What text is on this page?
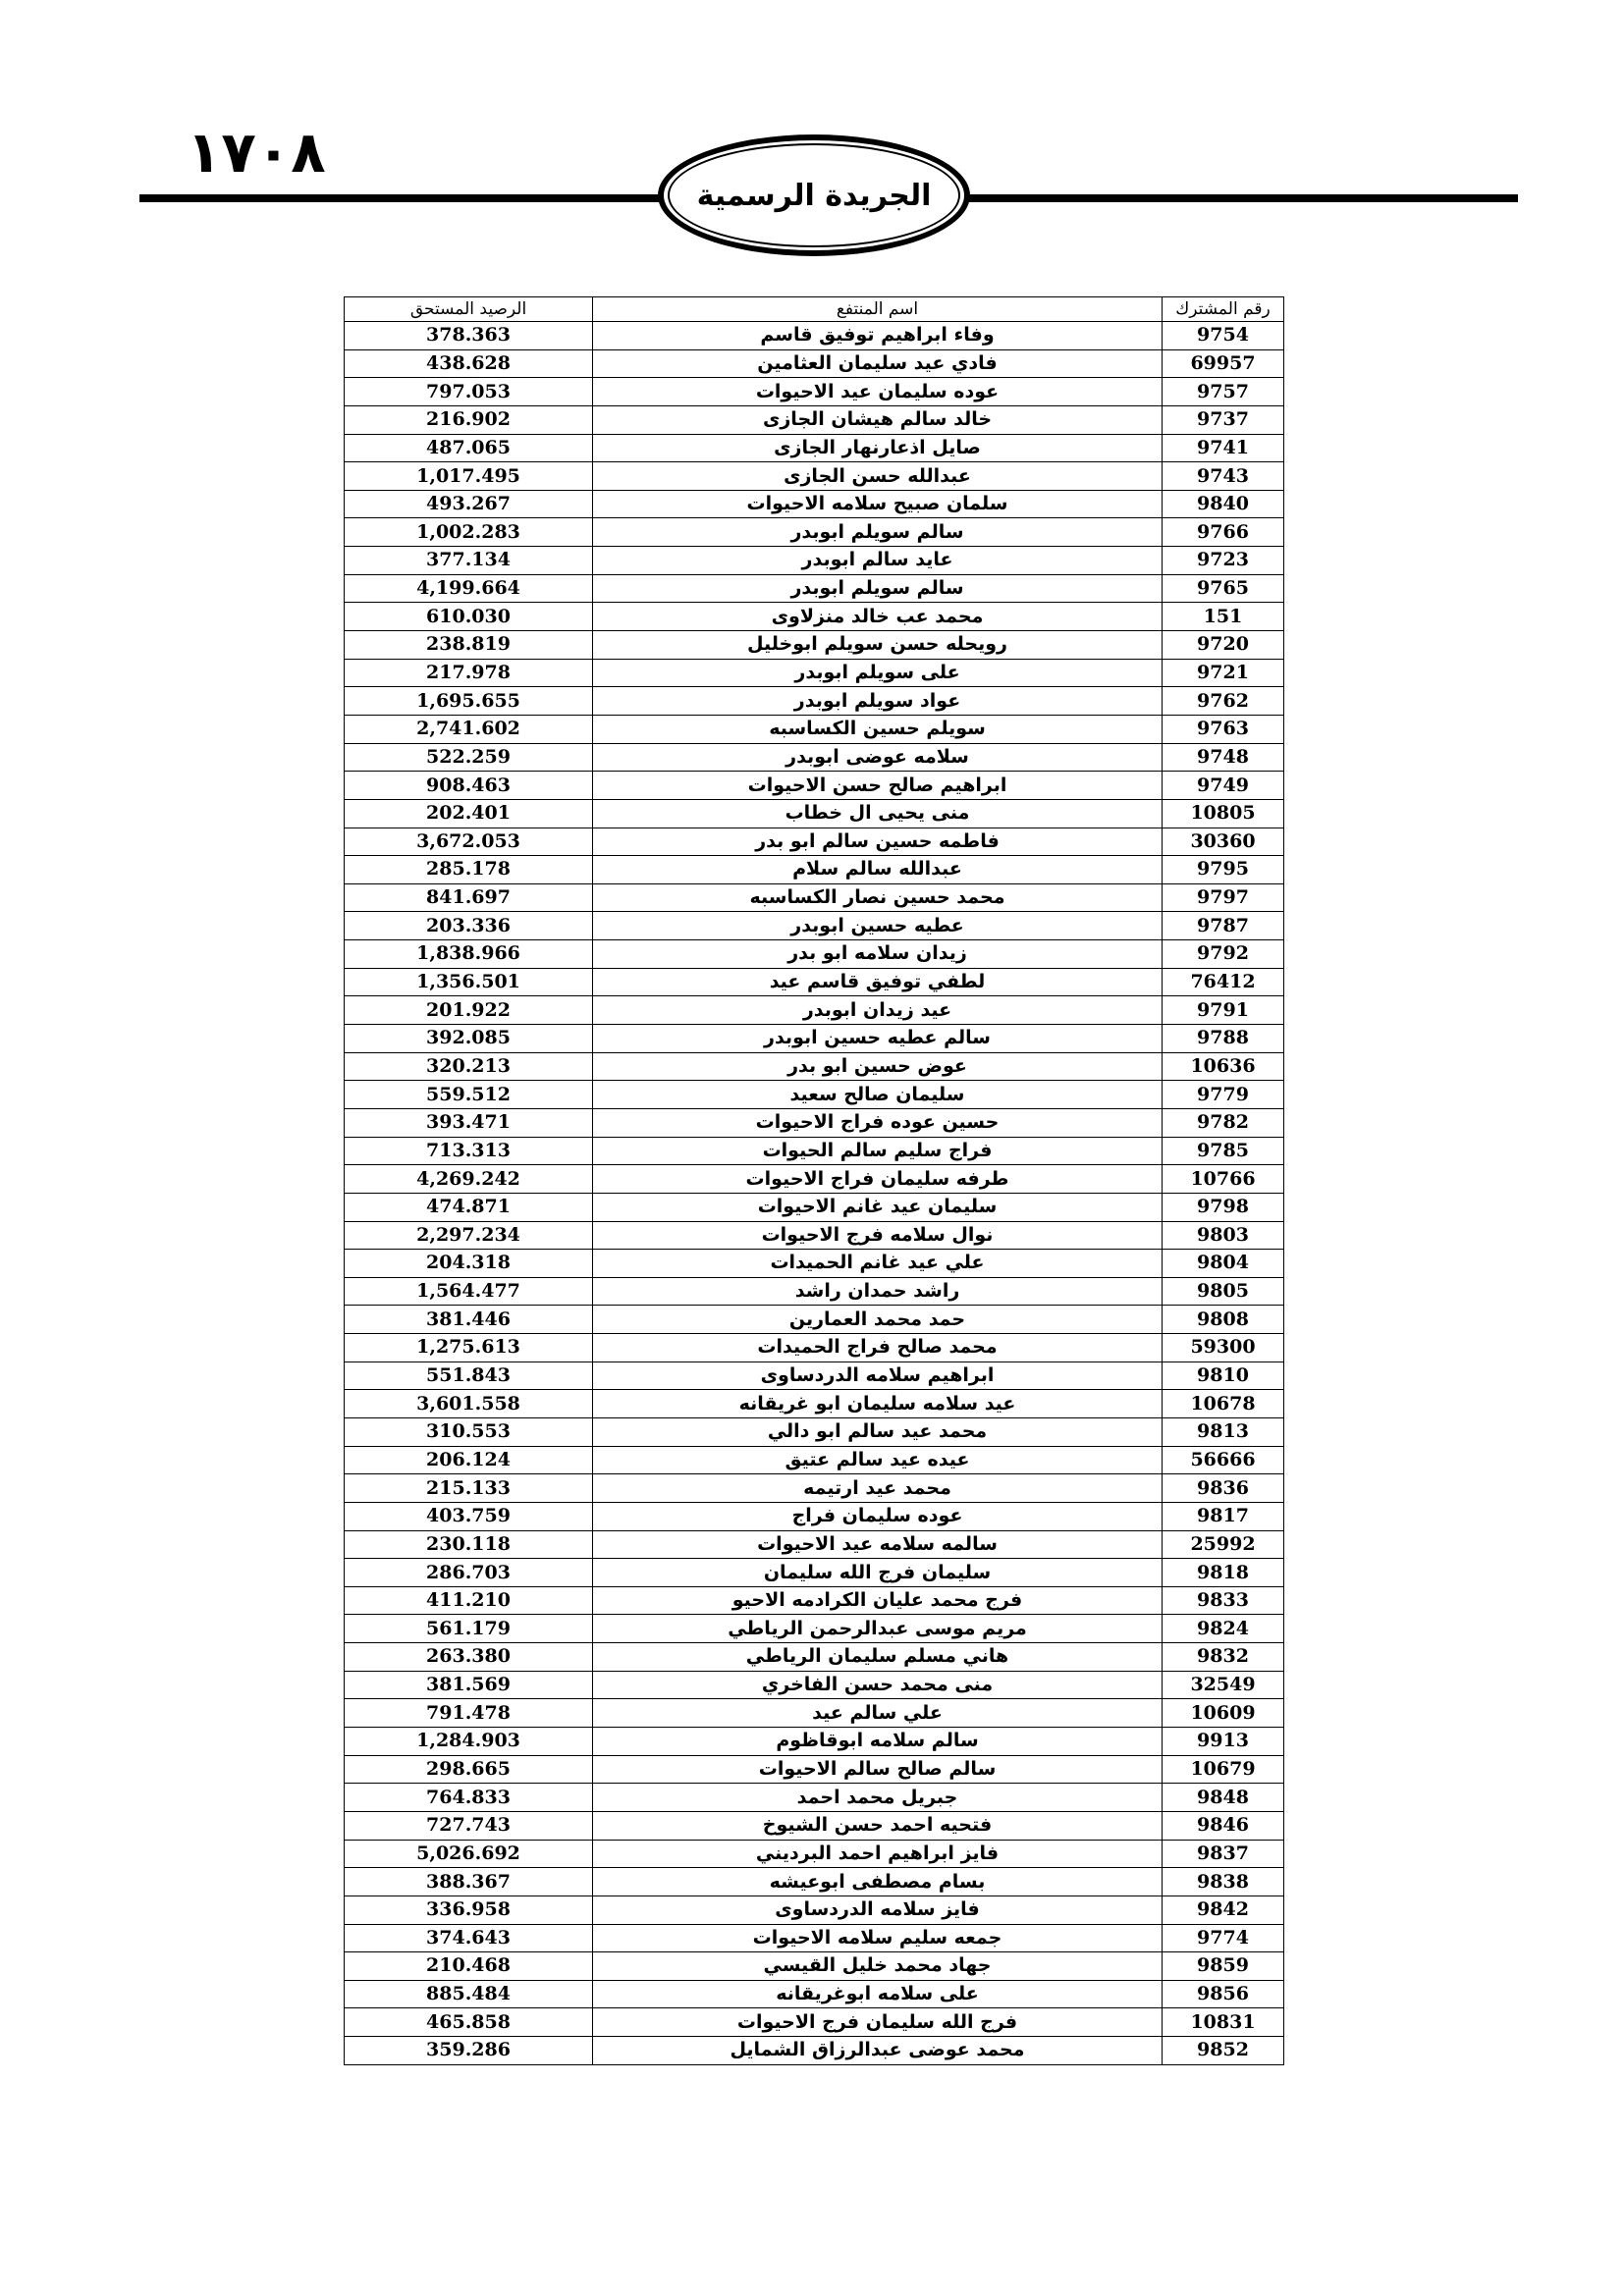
١٧٠٨
الجريدة الرسمية
رقم المشترك	اسم المنتفع	الرصيد المستحق
9754	وفاء ابراهيم توفيق قاسم	378.363
69957	فادي عيد سليمان العثامين	438.628
9757	عوده سليمان عيد الاحيوات	797.053
9737	خالد سالم هيشان الجازى	216.902
9741	صايل اذعارنهار الجازى	487.065
9743	عبدالله حسن الجازى	1,017.495
9840	سلمان صبيح سلامه الاحيوات	493.267
9766	سالم سويلم ابوبدر	1,002.283
9723	عايد سالم ابوبدر	377.134
9765	سالم سويلم ابوبدر	4,199.664
151	محمد عب خالد منزلاوى	610.030
9720	رويحله حسن سويلم ابوخليل	238.819
9721	على سويلم ابوبدر	217.978
9762	عواد سويلم ابوبدر	1,695.655
9763	سويلم حسين الكساسبه	2,741.602
9748	سلامه عوضى ابوبدر	522.259
9749	ابراهيم صالح حسن الاحيوات	908.463
10805	منى يحيى ال خطاب	202.401
30360	فاطمه حسين سالم ابو بدر	3,672.053
9795	عبدالله سالم سلام	285.178
9797	محمد حسين نصار الكساسبه	841.697
9787	عطيه حسين ابوبدر	203.336
9792	زيدان سلامه ابو بدر	1,838.966
76412	لطفي توفيق قاسم عيد	1,356.501
9791	عيد زيدان ابوبدر	201.922
9788	سالم عطيه حسين ابوبدر	392.085
10636	عوض حسين ابو بدر	320.213
9779	سليمان صالح سعيد	559.512
9782	حسين عوده فراج الاحيوات	393.471
9785	فراج سليم سالم الحيوات	713.313
10766	طرفه سليمان فراج الاحيوات	4,269.242
9798	سليمان عيد غانم الاحيوات	474.871
9803	نوال سلامه فرج الاحيوات	2,297.234
9804	علي عيد غانم الحميدات	204.318
9805	راشد حمدان راشد	1,564.477
9808	حمد محمد العمارين	381.446
59300	محمد صالح فراج الحميدات	1,275.613
9810	ابراهيم سلامه الدردساوى	551.843
10678	عيد سلامه سليمان ابو غريقانه	3,601.558
9813	محمد عيد سالم ابو دالي	310.553
56666	عيده عيد سالم عتيق	206.124
9836	محمد عيد ارتيمه	215.133
9817	عوده سليمان فراج	403.759
25992	سالمه سلامه عيد الاحيوات	230.118
9818	سليمان فرج الله سليمان	286.703
9833	فرج محمد عليان الكرادمه الاحيو	411.210
9824	مريم موسى عبدالرحمن الرياطي	561.179
9832	هاني مسلم سليمان الرياطي	263.380
32549	منى محمد حسن الفاخري	381.569
10609	علي سالم عيد	791.478
9913	سالم سلامه ابوقاظوم	1,284.903
10679	سالم صالح سالم الاحيوات	298.665
9848	جبريل محمد احمد	764.833
9846	فتحيه احمد حسن الشيوخ	727.743
9837	فايز ابراهيم احمد البرديني	5,026.692
9838	بسام مصطفى ابوعيشه	388.367
9842	فايز سلامه الدردساوى	336.958
9774	جمعه سليم سلامه الاحيوات	374.643
9859	جهاد محمد خليل القيسي	210.468
9856	على سلامه ابوغريقانه	885.484
10831	فرج الله سليمان فرج الاحيوات	465.858
9852	محمد عوضى عبدالرزاق الشمايل	359.286
